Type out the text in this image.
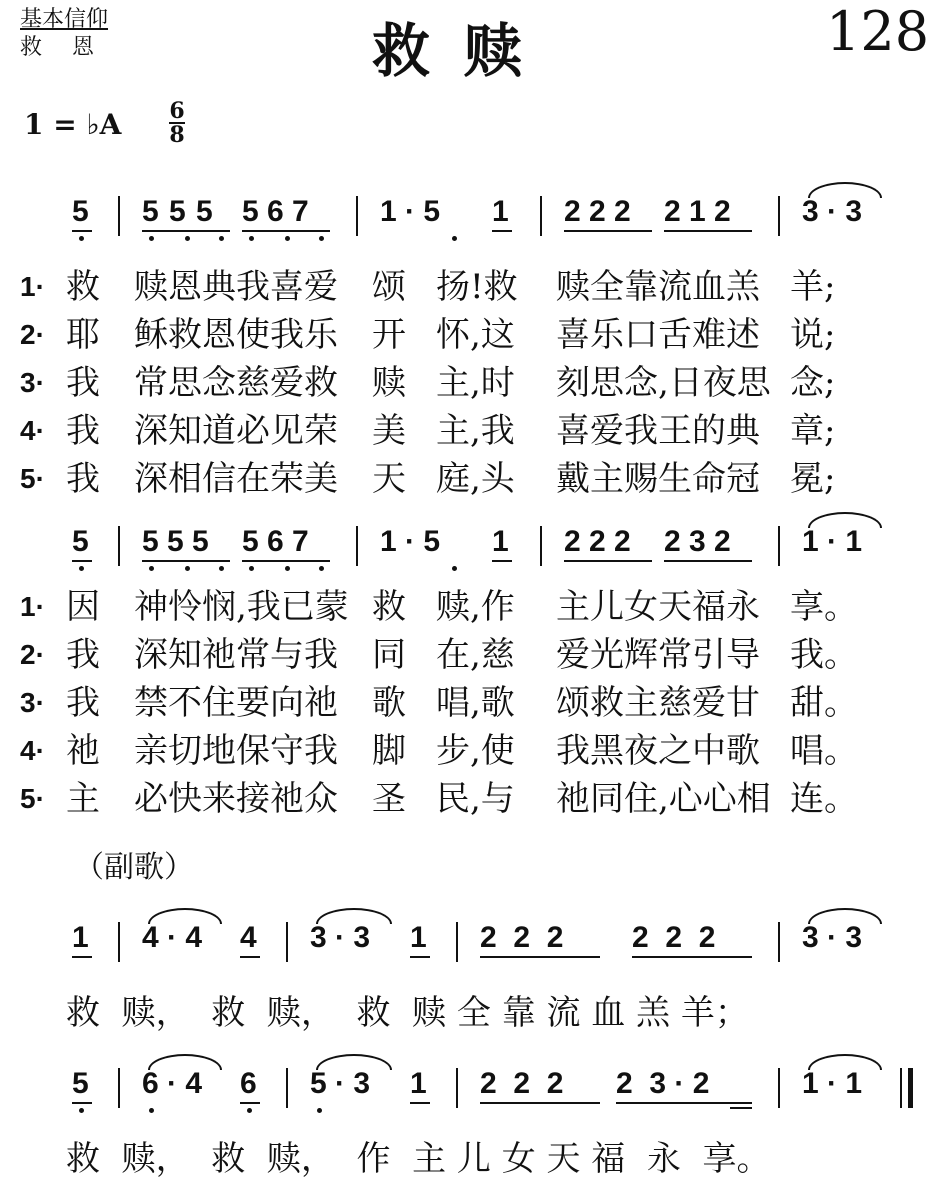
基本信仰
救恩	救赎	128
1 = ♭A 6
8
5 5 5 5 5 6 7 1 · 5 1 2 2 2 2 1 2 3 · 3
1· 救 赎恩典我喜爱 颂 扬!救 赎全靠流血羔 羊;
2· 耶 稣救恩使我乐 开 怀,这 喜乐口舌难述 说;
3· 我 常思念慈爱救 赎 主,时 刻思念,日夜思 念;
4· 我 深知道必见荣 美 主,我 喜爱我王的典 章;
5· 我 深相信在荣美 天 庭,头 戴主赐生命冠 冕;
5 5 5 5 5 6 7 1 · 5 1 2 2 2 2 3 2 1 · 1
1· 因 神怜悯,我已蒙 救 赎,作 主儿女天福永 享。
2· 我 深知祂常与我 同 在,慈 爱光辉常引导 我。
3· 我 禁不住要向祂 歌 唱,歌 颂救主慈爱甘 甜。
4· 祂 亲切地保守我 脚 步,使 我黑夜之中歌 唱。
5· 主 必快来接祂众 圣 民,与 祂同住,心心相 连。
（副歌）
1 4 · 4 4 3 · 3 1 2  2  2 2  2  2	3 · 3
救  赎，  救  赎，  救  赎 全 靠 流 血 羔 羊；
5 6 · 4 6 5 · 3 1 2  2  2 2  3 · 2	1 · 1
救  赎，  救  赎，  作  主 儿 女 天 福  永  享。
